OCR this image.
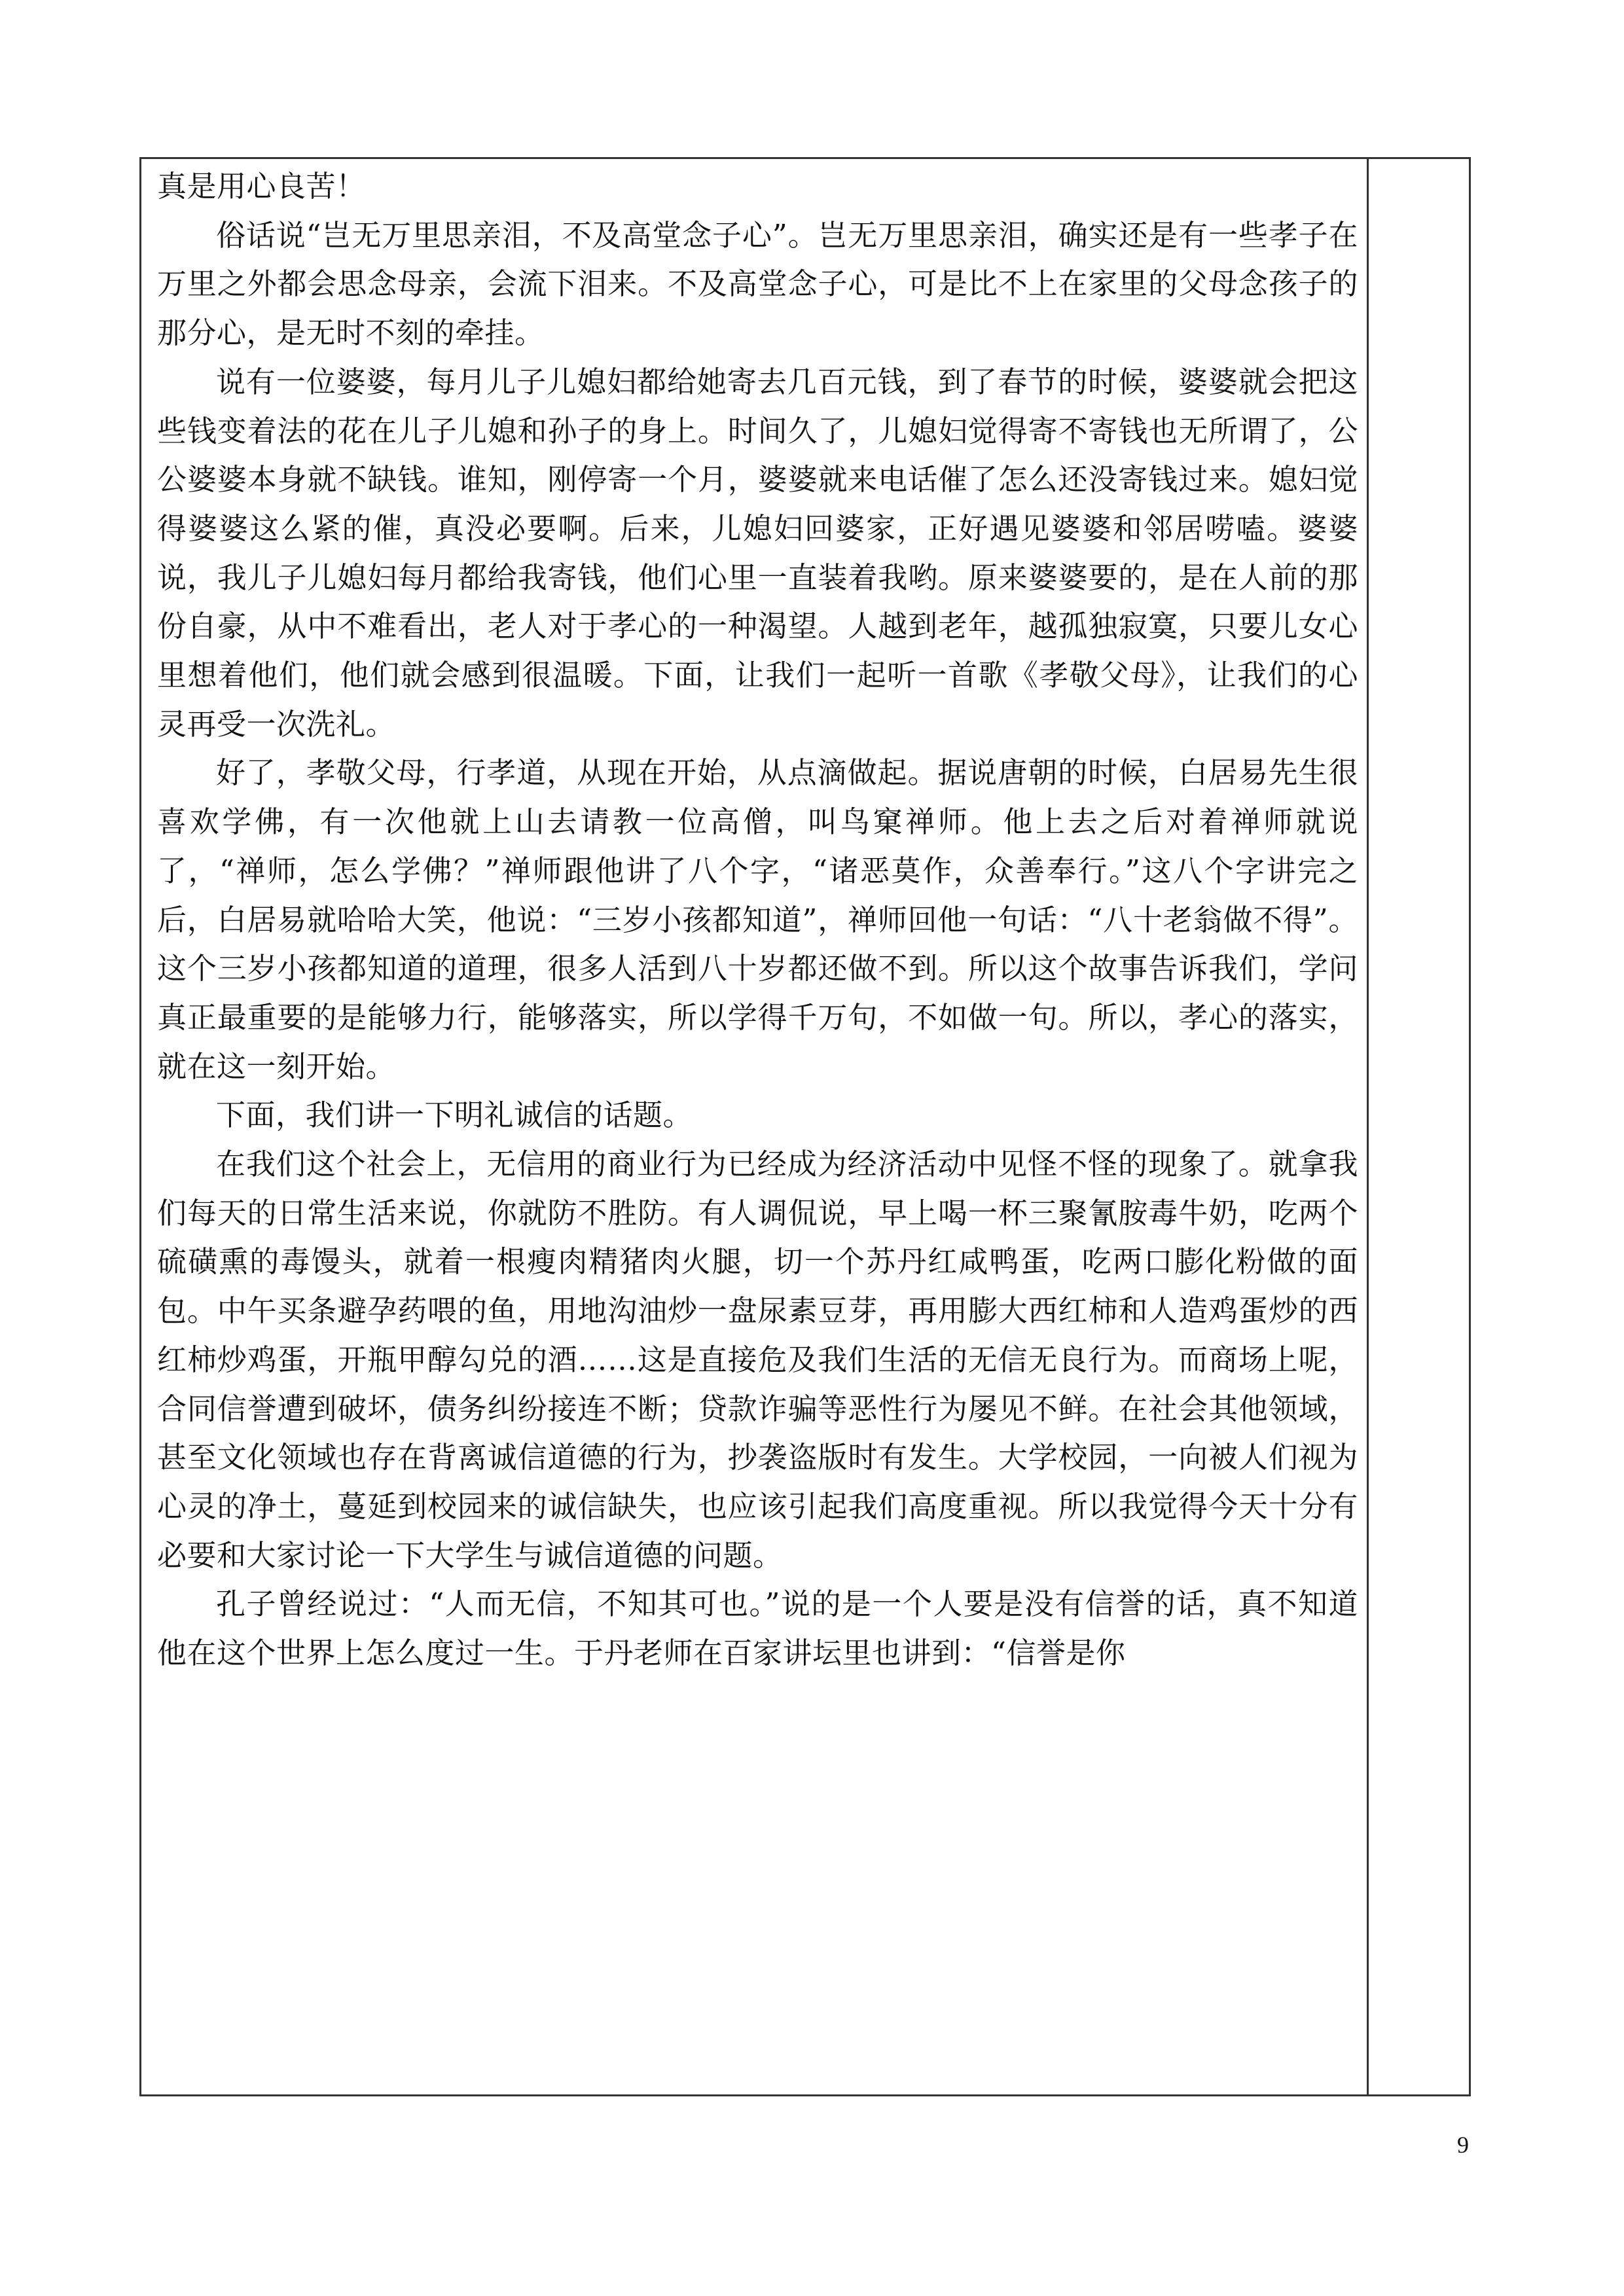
真是用心良苦！

俗话说“岂无万里思亲泪，不及高堂念子心”。岂无万里思亲泪，确实还是有一些孝子在万里之外都会思念母亲，会流下泪来。不及高堂念子心，可是比不上在家里的父母念孩子的那分心，是无时不刻的牵挂。

说有一位婆婆，每月儿子儿媳妇都给她寄去几百元钱，到了春节的时候，婆婆就会把这些钱变着法的花在儿子儿媳和孙子的身上。时间久了，儿媳妇觉得寄不寄钱也无所谓了，公公婆婆本身就不缺钱。谁知，刚停寄一个月，婆婆就来电话催了怎么还没寄钱过来。媳妇觉得婆婆这么紧的催，真没必要啊。后来，儿媳妇回婆家，正好遇见婆婆和邻居唠嗑。婆婆说，我儿子儿媳妇每月都给我寄钱，他们心里一直装着我哟。原来婆婆要的，是在人前的那份自豪，从中不难看出，老人对于孝心的一种渴望。人越到老年，越孤独寂寞，只要儿女心里想着他们，他们就会感到很温暖。下面，让我们一起听一首歌《孝敬父母》，让我们的心灵再受一次洗礼。

好了，孝敬父母，行孝道，从现在开始，从点滴做起。据说唐朝的时候，白居易先生很喜欢学佛，有一次他就上山去请教一位高僧，叫鸟窠禅师。他上去之后对着禅师就说了，“禅师，怎么学佛？”禅师跟他讲了八个字，“诸恶莫作，众善奉行。”这八个字讲完之后，白居易就哈哈大笑，他说：“三岁小孩都知道”，禅师回他一句话：“八十老翁做不得”。这个三岁小孩都知道的道理，很多人活到八十岁都还做不到。所以这个故事告诉我们，学问真正最重要的是能够力行，能够落实，所以学得千万句，不如做一句。所以，孝心的落实，就在这一刻开始。

下面，我们讲一下明礼诚信的话题。

在我们这个社会上，无信用的商业行为已经成为经济活动中见怪不怪的现象了。就拿我们每天的日常生活来说，你就防不胜防。有人调侃说，早上喝一杯三聚氰胺毒牛奶，吃两个硫磺熏的毒馒头，就着一根瘦肉精猪肉火腿，切一个苏丹红咸鸭蛋，吃两口膨化粉做的面包。中午买条避孕药喂的鱼，用地沟油炒一盘尿素豆芽，再用膨大西红柿和人造鸡蛋炒的西红柿炒鸡蛋，开瓶甲醇勾兑的酒……这是直接危及我们生活的无信无良行为。而商场上呢，合同信誉遭到破坏，债务纠纷接连不断；贷款诈骗等恶性行为屡见不鲜。在社会其他领域，甚至文化领域也存在背离诚信道德的行为，抄袭盗版时有发生。大学校园，一向被人们视为心灵的净土，蔓延到校园来的诚信缺失，也应该引起我们高度重视。所以我觉得今天十分有必要和大家讨论一下大学生与诚信道德的问题。

孔子曾经说过：“人而无信，不知其可也。”说的是一个人要是没有信誉的话，真不知道他在这个世界上怎么度过一生。于丹老师在百家讲坛里也讲到：“信誉是你

9
